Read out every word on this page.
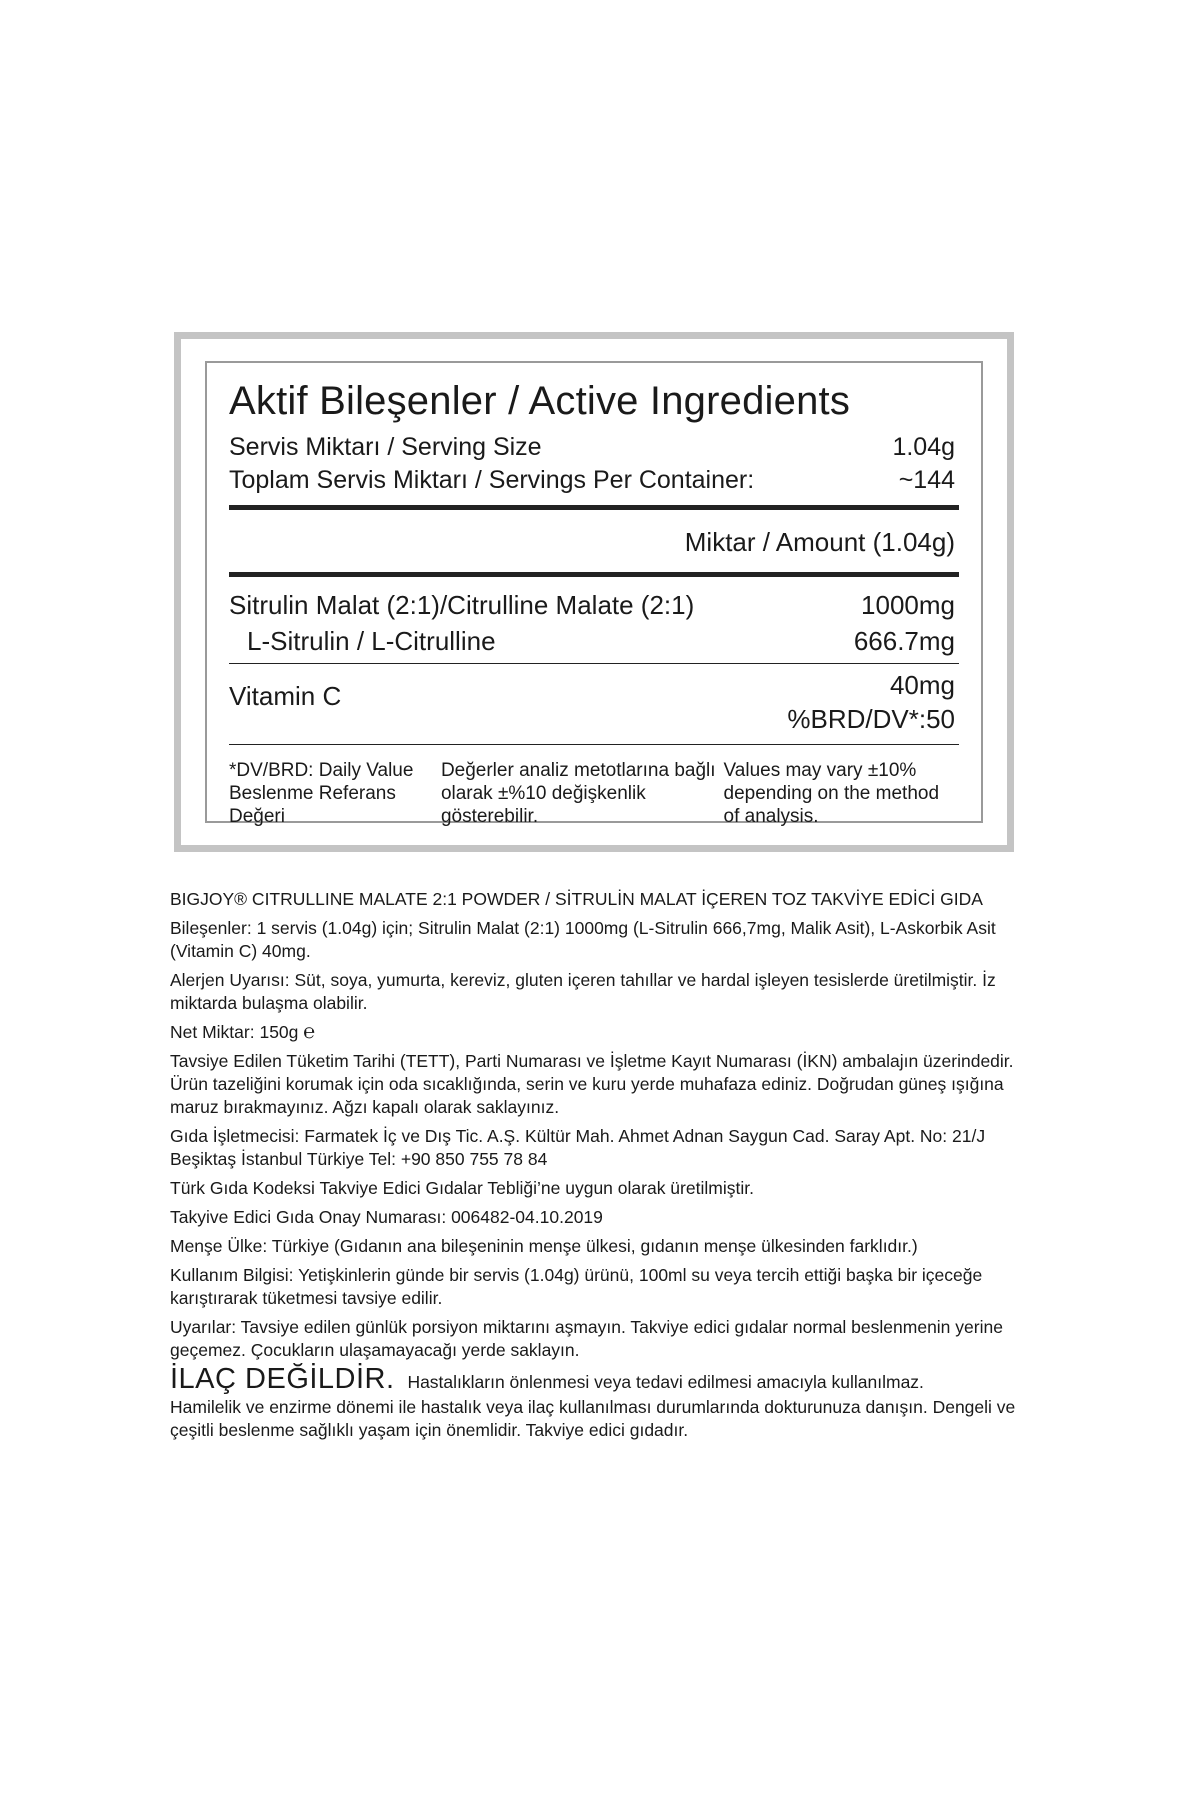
Aktif Bileşenler / Active Ingredients
Servis Miktarı / Serving Size	1.04g
Toplam Servis Miktarı / Servings Per Container:	~144
Miktar / Amount (1.04g)
Sitrulin Malat (2:1)/Citrulline Malate (2:1)	1000mg
L-Sitrulin / L-Citrulline	666.7mg
Vitamin C	40mg
%BRD/DV*:50
*DV/BRD: Daily Value Beslenme Referans Değeri
Değerler analiz metotlarına bağlı olarak ±%10 değişkenlik gösterebilir.
Values may vary ±10% depending on the method of analysis.

BIGJOY® CITRULLINE MALATE 2:1 POWDER / SİTRULİN MALAT İÇEREN TOZ TAKVİYE EDİCİ GIDA

Bileşenler: 1 servis (1.04g) için; Sitrulin Malat (2:1) 1000mg (L-Sitrulin 666,7mg, Malik Asit), L-Askorbik Asit (Vitamin C) 40mg.

Alerjen Uyarısı: Süt, soya, yumurta, kereviz, gluten içeren tahıllar ve hardal işleyen tesislerde üretilmiştir. İz miktarda bulaşma olabilir.

Net Miktar: 150g ℮

Tavsiye Edilen Tüketim Tarihi (TETT), Parti Numarası ve İşletme Kayıt Numarası (İKN) ambalajın üzerindedir. Ürün tazeliğini korumak için oda sıcaklığında, serin ve kuru yerde muhafaza ediniz. Doğrudan güneş ışığına maruz bırakmayınız. Ağzı kapalı olarak saklayınız.

Gıda İşletmecisi: Farmatek İç ve Dış Tic. A.Ş. Kültür Mah. Ahmet Adnan Saygun Cad. Saray Apt. No: 21/J Beşiktaş İstanbul Türkiye Tel: +90 850 755 78 84

Türk Gıda Kodeksi Takviye Edici Gıdalar Tebliği’ne uygun olarak üretilmiştir.

Takyive Edici Gıda Onay Numarası: 006482-04.10.2019

Menşe Ülke: Türkiye (Gıdanın ana bileşeninin menşe ülkesi, gıdanın menşe ülkesinden farklıdır.)

Kullanım Bilgisi: Yetişkinlerin günde bir servis (1.04g) ürünü, 100ml su veya tercih ettiği başka bir içeceğe karıştırarak tüketmesi tavsiye edilir.

Uyarılar: Tavsiye edilen günlük porsiyon miktarını aşmayın. Takviye edici gıdalar normal beslenmenin yerine geçemez. Çocukların ulaşamayacağı yerde saklayın.

İLAÇ DEĞİLDİR. Hastalıkların önlenmesi veya tedavi edilmesi amacıyla kullanılmaz.

Hamilelik ve enzirme dönemi ile hastalık veya ilaç kullanılması durumlarında dokturunuza danışın. Dengeli ve çeşitli beslenme sağlıklı yaşam için önemlidir. Takviye edici gıdadır.
